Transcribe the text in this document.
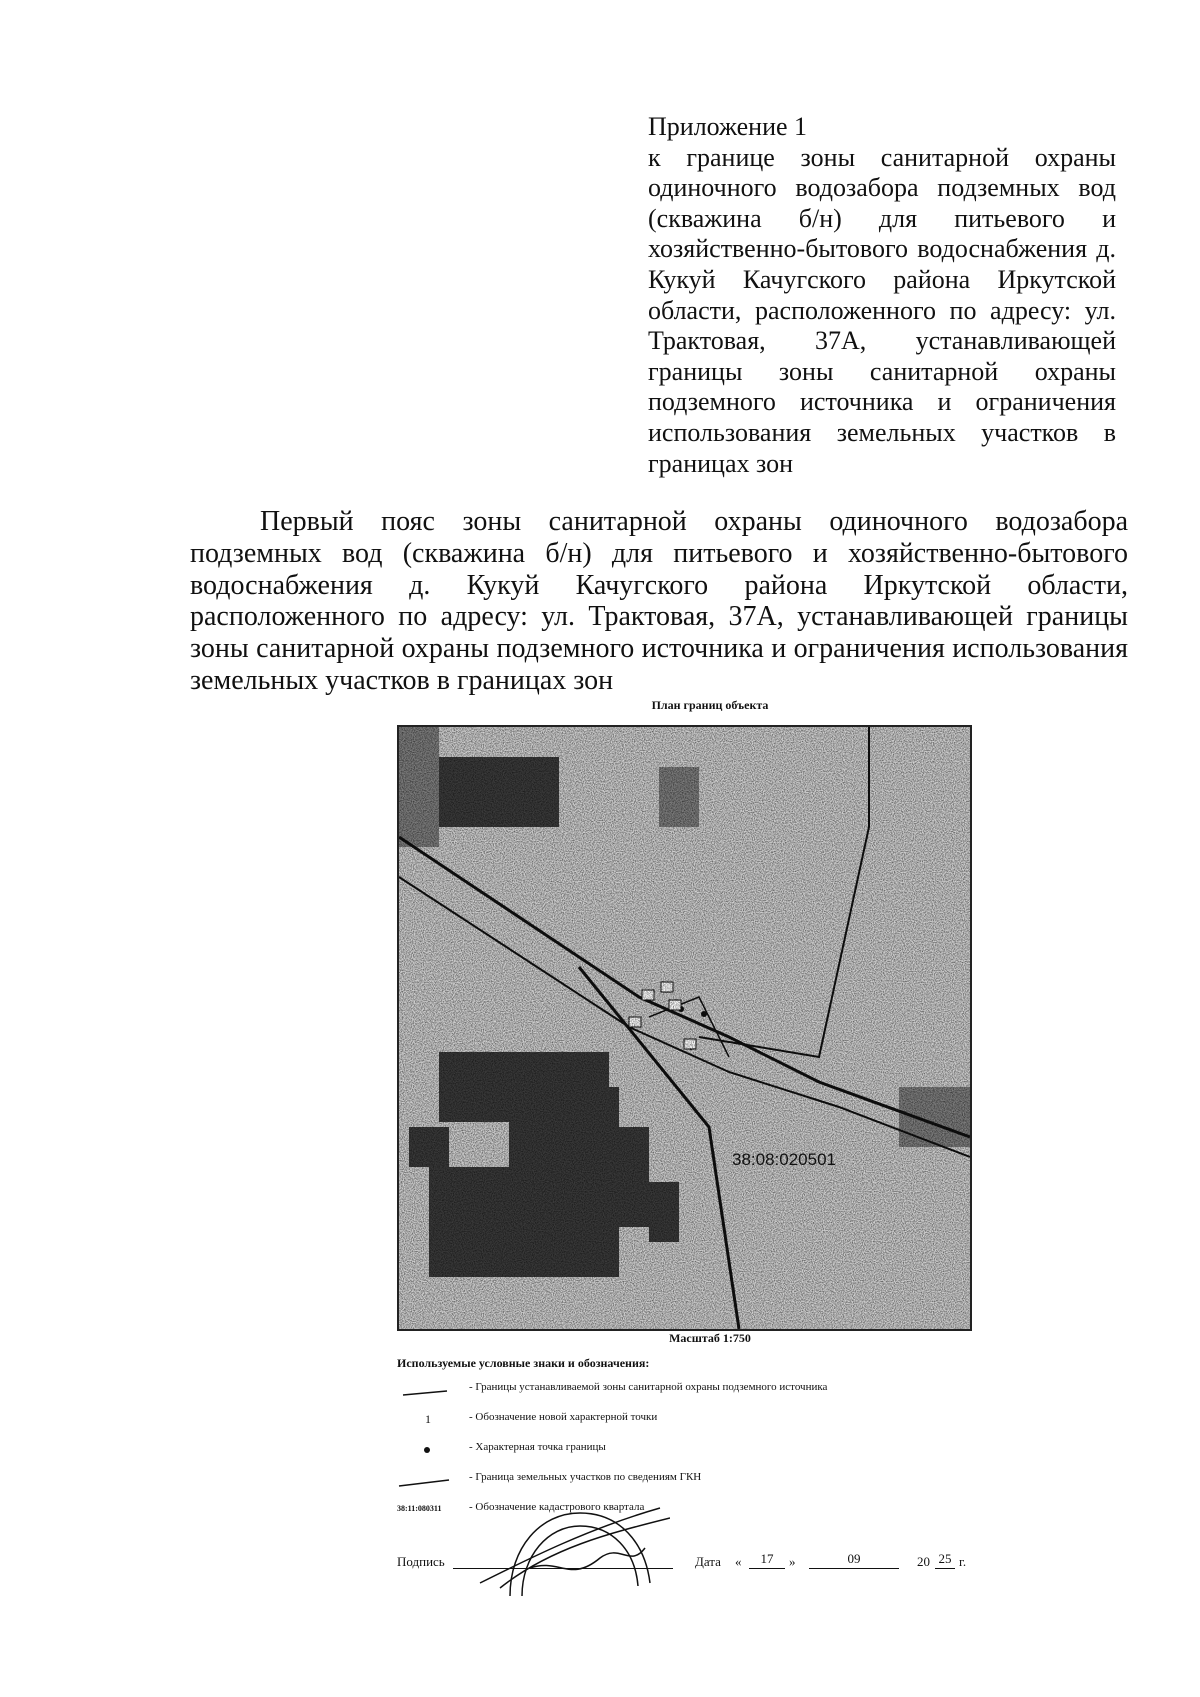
Приложение 1
к границе зоны санитарной охраны одиночного водозабора подземных вод (скважина б/н) для питьевого и хозяйственно-бытового водоснабжения д. Кукуй Качугского района Иркутской области, расположенного по адресу: ул. Трактовая, 37А, устанавливающей границы зоны санитарной охраны подземного источника и ограничения использования земельных участков в границах зон

Первый пояс зоны санитарной охраны одиночного водозабора подземных вод (скважина б/н) для питьевого и хозяйственно-бытового водоснабжения д. Кукуй Качугского района Иркутской области, расположенного по адресу: ул. Трактовая, 37А, устанавливающей границы зоны санитарной охраны подземного источника и ограничения использования земельных участков в границах зон

План границ объекта
38:08:020501
Масштаб 1:750
Используемые условные знаки и обозначения:
- Границы устанавливаемой зоны санитарной охраны подземного источника
1	- Обозначение новой характерной точки
- Характерная точка границы
- Граница земельных участков по сведениям ГКН
38:11:080311	- Обозначение кадастрового квартала
Подпись	Дата «	17	»	09	20 25 г.
